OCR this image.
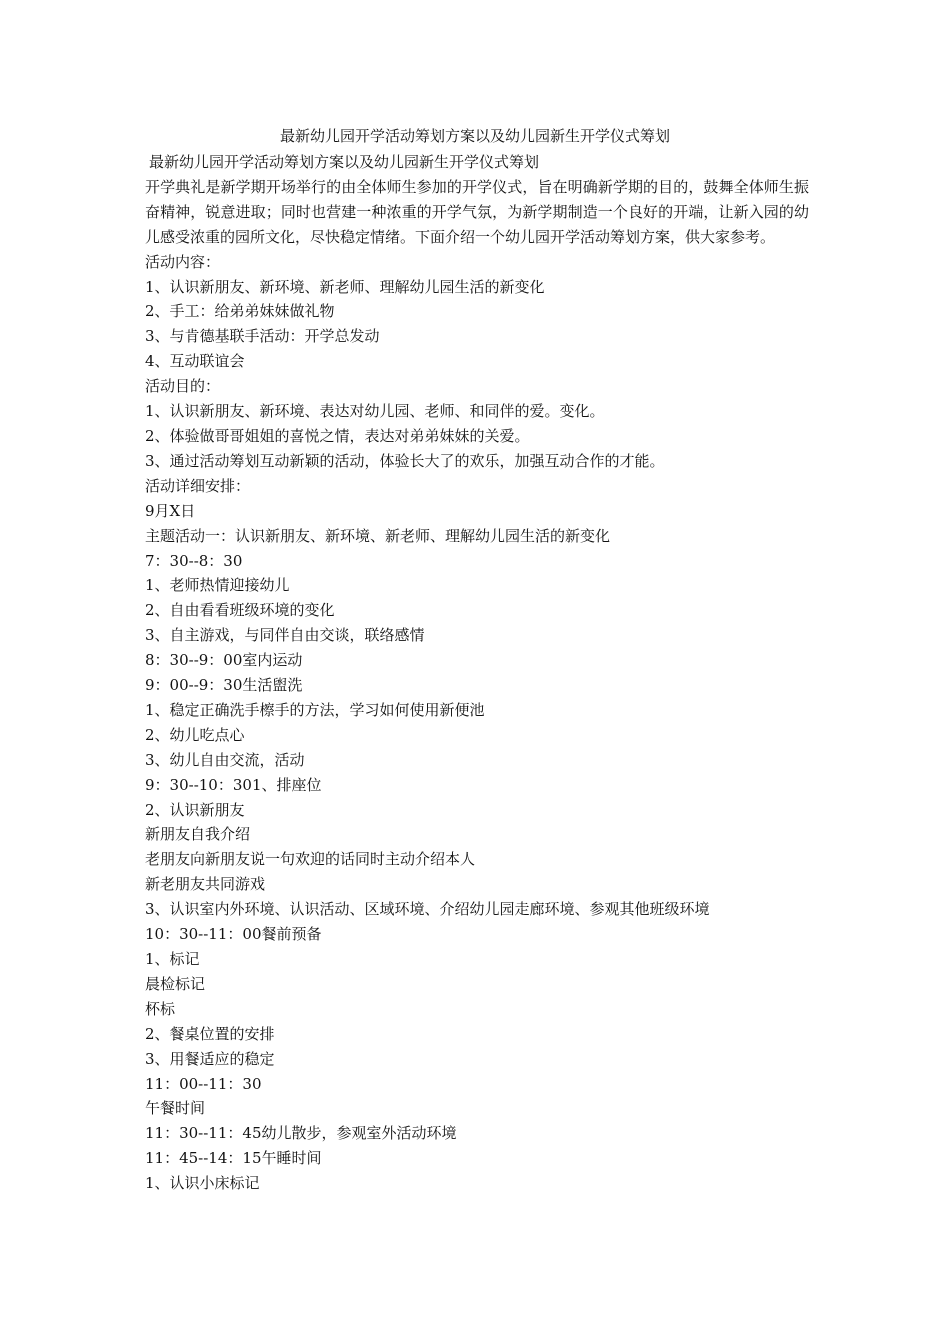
最新幼儿园开学活动筹划方案以及幼儿园新生开学仪式筹划
最新幼儿园开学活动筹划方案以及幼儿园新生开学仪式筹划
开学典礼是新学期开场举行的由全体师生参加的开学仪式，旨在明确新学期的目的，鼓舞全体师生振奋精神，锐意进取；同时也营建一种浓重的开学气氛，为新学期制造一个良好的开端，让新入园的幼儿感受浓重的园所文化，尽快稳定情绪。下面介绍一个幼儿园开学活动筹划方案，供大家参考。
活动内容：
1、认识新朋友、新环境、新老师、理解幼儿园生活的新变化
2、手工：给弟弟妹妹做礼物
3、与肯德基联手活动：开学总发动
4、互动联谊会
活动目的：
1、认识新朋友、新环境、表达对幼儿园、老师、和同伴的爱。变化。
2、体验做哥哥姐姐的喜悦之情，表达对弟弟妹妹的关爱。
3、通过活动筹划互动新颖的活动，体验长大了的欢乐，加强互动合作的才能。
活动详细安排：
9月X日
主题活动一：认识新朋友、新环境、新老师、理解幼儿园生活的新变化
7：30--8：30
1、老师热情迎接幼儿
2、自由看看班级环境的变化
3、自主游戏，与同伴自由交谈，联络感情
8：30--9：00室内运动
9：00--9：30生活盥洗
1、稳定正确洗手檫手的方法，学习如何使用新便池
2、幼儿吃点心
3、幼儿自由交流，活动
9：30--10：301、排座位
2、认识新朋友
新朋友自我介绍
老朋友向新朋友说一句欢迎的话同时主动介绍本人
新老朋友共同游戏
3、认识室内外环境、认识活动、区域环境、介绍幼儿园走廊环境、参观其他班级环境
10：30--11：00餐前预备
1、标记
晨检标记
杯标
2、餐桌位置的安排
3、用餐适应的稳定
11：00--11：30
午餐时间
11：30--11：45幼儿散步，参观室外活动环境
11：45--14：15午睡时间
1、认识小床标记
